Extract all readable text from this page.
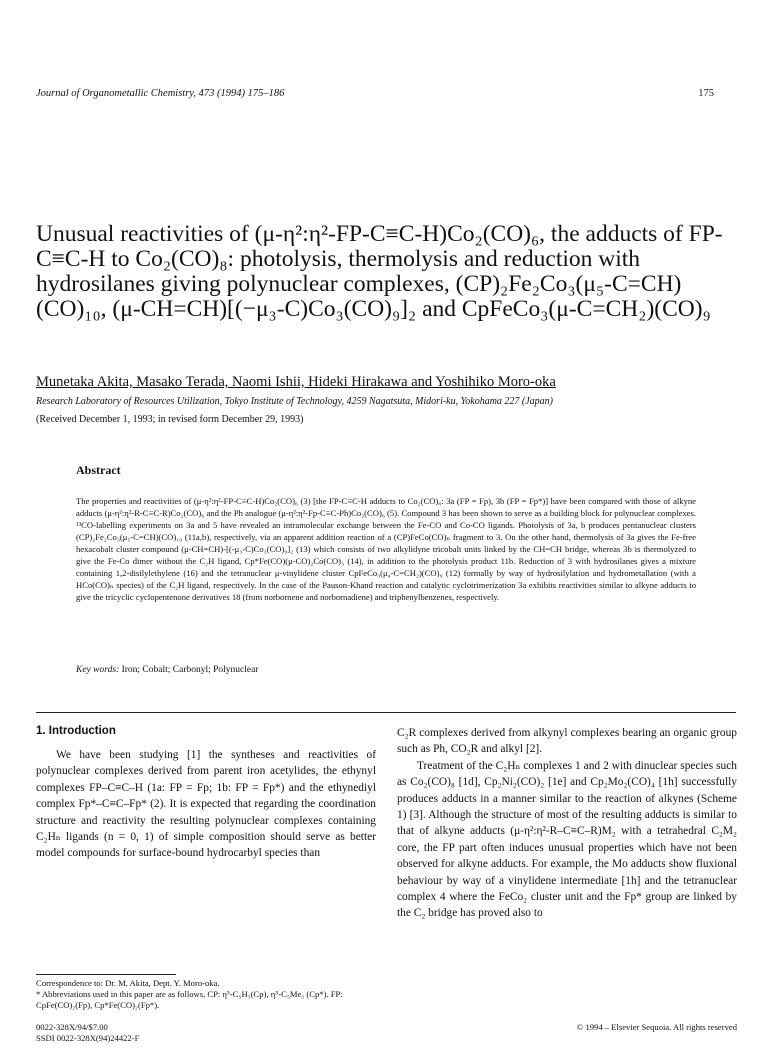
Journal of Organometallic Chemistry, 473 (1994) 175–186	175
Unusual reactivities of (μ-η²:η²-FP-C≡C-H)Co₂(CO)₆, the adducts of FP-C≡C-H to Co₂(CO)₈: photolysis, thermolysis and reduction with hydrosilanes giving polynuclear complexes, (CP)₂Fe₂Co₃(μ₅-C=CH)(CO)₁₀, (μ-CH=CH)[(−μ₃-C)Co₃(CO)₉]₂ and CpFeCo₃(μ-C=CH₂)(CO)₉
Munetaka Akita, Masako Terada, Naomi Ishii, Hideki Hirakawa and Yoshihiko Moro-oka
Research Laboratory of Resources Utilization, Tokyo Institute of Technology, 4259 Nagatsuta, Midori-ku, Yokohama 227 (Japan)
(Received December 1, 1993; in revised form December 29, 1993)
Abstract
The properties and reactivities of (μ-η²:η²-FP-C≡C-H)Co₂(CO)₆ (3) [the FP-C≡C-H adducts to Co₂(CO)₈: 3a (FP = Fp), 3b (FP = Fp*)] have been compared with those of alkyne adducts (μ-η²:η²-R-C≡C-R)Co₂(CO)₆ and the Ph analogue (μ-η²:η²-Fp-C≡C-Ph)Co₂(CO)₆ (5). Compound 3 has been shown to serve as a building block for polynuclear complexes. ¹³CO-labelling experiments on 3a and 5 have revealed an intramolecular exchange between the Fe-CO and Co-CO ligands. Photolysis of 3a, b produces pentanuclear clusters (CP)₂Fe₂Co₃(μ₅-C=CH)(CO)₁₀ (11a,b), respectively, via an apparent addition reaction of a (CP)FeCo(CO)ₙ fragment to 3. On the other hand, thermolysis of 3a gives the Fe-free hexacobalt cluster compound (μ-CH=CH)-[(-μ₃-C)Co₃(CO)₉]₂ (13) which consists of two alkylidyne tricobalt units linked by the CH=CH bridge, whereas 3b is thermolyzed to give the Fe-Co dimer without the C₂H ligand, Cp*Fe(CO)(μ-CO)₂Co(CO)₃ (14), in addition to the photolysis product 11b. Reduction of 3 with hydrosilanes gives a mixture containing 1,2-disilylethylene (16) and the tetranuclear μ-vinylidene cluster CpFeCo₃(μ₄-C=CH₂)(CO)₉ (12) formally by way of hydrosilylation and hydrometallation (with a HCo(CO)ₙ species) of the C₂H ligand, respectively. In the case of the Pauson-Khand reaction and catalytic cyclotrimerization 3a exhibits reactivities similar to alkyne adducts to give the tricyclic cyclopentenone derivatives 18 (from norbornene and norbornadiene) and triphenylbenzenes, respectively.
Key words: Iron; Cobalt; Carbonyl; Polynuclear

1. Introduction

We have been studying [1] the syntheses and reactivities of polynuclear complexes derived from parent iron acetylides, the ethynyl complexes FP–C≡C–H (1a: FP = Fp; 1b: FP = Fp*) and the ethynediyl complex Fp*–C≡C–Fp* (2). It is expected that regarding the coordination structure and reactivity the resulting polynuclear complexes containing C₂Hₙ ligands (n = 0, 1) of simple composition should serve as better model compounds for surface-bound hydrocarbyl species than

C₂R complexes derived from alkynyl complexes bearing an organic group such as Ph, CO₂R and alkyl [2].

Treatment of the C₂Hₙ complexes 1 and 2 with dinuclear species such as Co₂(CO)₈ [1d], Cp₂Ni₂(CO)₂ [1e] and Cp₂Mo₂(CO)₄ [1h] successfully produces adducts in a manner similar to the reaction of alkynes (Scheme 1) [3]. Although the structure of most of the resulting adducts is similar to that of alkyne adducts (μ-η²:η²-R–C≡C–R)M₂ with a tetrahedral C₂M₂ core, the FP part often induces unusual properties which have not been observed for alkyne adducts. For example, the Mo adducts show fluxional behaviour by way of a vinylidene intermediate [1h] and the tetranuclear complex 4 where the FeCo₂ cluster unit and the Fp* group are linked by the C₂ bridge has proved also to

Correspondence to: Dr. M. Akita, Dept. Y. Moro-oka.

* Abbreviations used in this paper are as follows, CP: η⁵-C₅H₅(Cp), η⁵-C₅Me₅ (Cp*). FP: CpFe(CO)₂(Fp), Cp*Fe(CO)₂(Fp*).

0022-328X/94/$7.00

SSDI 0022-328X(94)24422-F

© 1994 – Elsevier Sequoia. All rights reserved
